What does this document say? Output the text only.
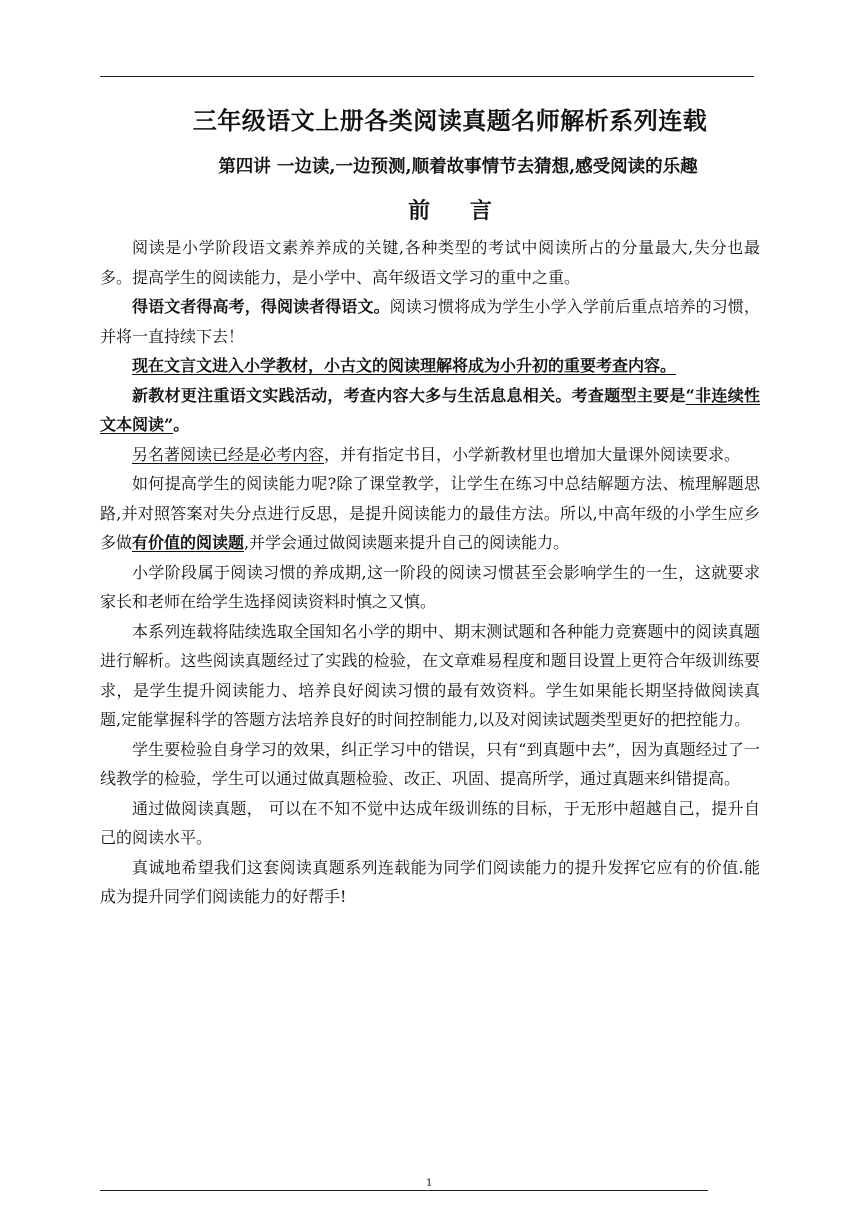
三年级语文上册各类阅读真题名师解析系列连载
第四讲 一边读,一边预测,顺着故事情节去猜想,感受阅读的乐趣
前 言

阅读是小学阶段语文素养养成的关键,各种类型的考试中阅读所占的分量最大,失分也最多。提高学生的阅读能力，是小学中、高年级语文学习的重中之重。

得语文者得高考，得阅读者得语文。阅读习惯将成为学生小学入学前后重点培养的习惯，并将一直持续下去！

现在文言文进入小学教材，小古文的阅读理解将成为小升初的重要考查内容。

新教材更注重语文实践活动，考查内容大多与生活息息相关。考查题型主要是“非连续性文本阅读”。

另名著阅读已经是必考内容，并有指定书目，小学新教材里也增加大量课外阅读要求。

如何提高学生的阅读能力呢?除了课堂教学，让学生在练习中总结解题方法、梳理解题思路,并对照答案对失分点进行反思，是提升阅读能力的最佳方法。所以,中高年级的小学生应乡多做有价值的阅读题,并学会通过做阅读题来提升自己的阅读能力。

小学阶段属于阅读习惯的养成期,这一阶段的阅读习惯甚至会影响学生的一生，这就要求家长和老师在给学生选择阅读资料时慎之又慎。

本系列连载将陆续选取全国知名小学的期中、期末测试题和各种能力竞赛题中的阅读真题进行解析。这些阅读真题经过了实践的检验，在文章难易程度和题目设置上更符合年级训练要求，是学生提升阅读能力、培养良好阅读习惯的最有效资料。学生如果能长期坚持做阅读真题,定能掌握科学的答题方法培养良好的时间控制能力,以及对阅读试题类型更好的把控能力。

学生要检验自身学习的效果，纠正学习中的错误，只有“到真题中去”，因为真题经过了一线教学的检验，学生可以通过做真题检验、改正、巩固、提高所学，通过真题来纠错提高。

通过做阅读真题， 可以在不知不觉中达成年级训练的目标，于无形中超越自己，提升自己的阅读水平。

真诚地希望我们这套阅读真题系列连载能为同学们阅读能力的提升发挥它应有的价值.能成为提升同学们阅读能力的好帮手!

1
